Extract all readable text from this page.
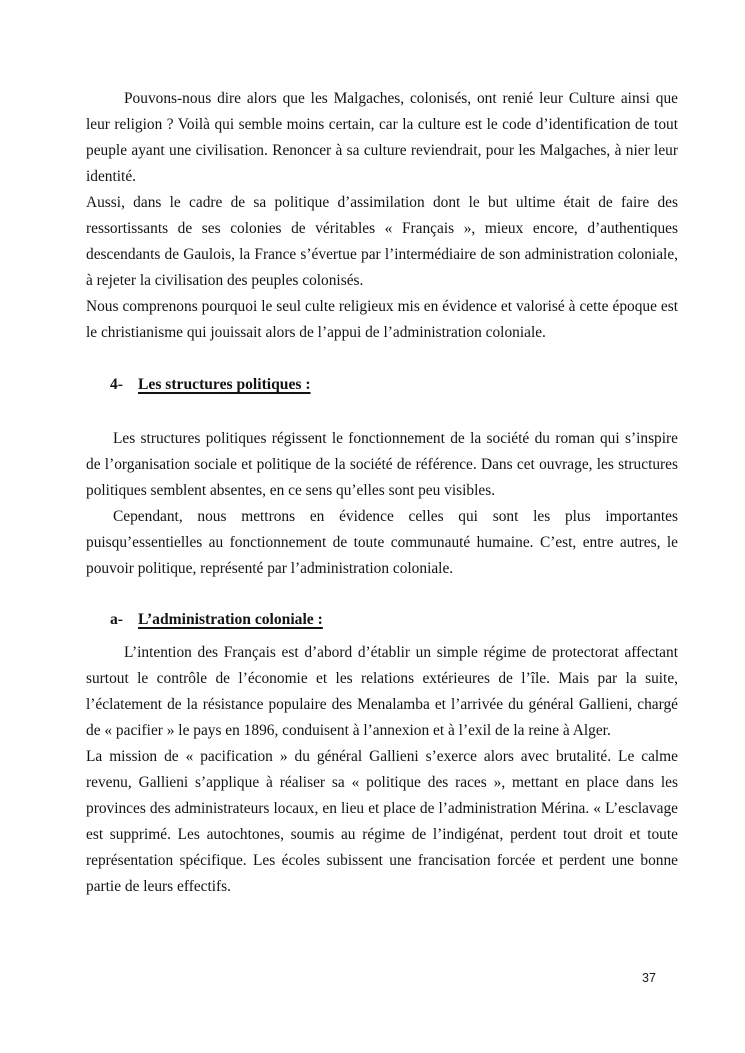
Pouvons-nous dire alors que les Malgaches, colonisés, ont renié leur Culture ainsi que leur religion ? Voilà qui semble moins certain, car la culture est le code d’identification de tout peuple ayant une civilisation. Renoncer à sa culture reviendrait, pour les Malgaches, à nier leur identité.

Aussi, dans le cadre de sa politique d’assimilation dont le but ultime était de faire des ressortissants de ses colonies de véritables « Français », mieux encore, d’authentiques descendants de Gaulois, la France s’évertue par l’intermédiaire de son administration coloniale, à rejeter la civilisation des peuples colonisés.

Nous comprenons pourquoi le seul culte religieux mis en évidence et valorisé à cette époque est le christianisme qui jouissait alors de l’appui de l’administration coloniale.

4- Les structures politiques :

Les structures politiques régissent le fonctionnement de la société du roman qui s’inspire de l’organisation sociale et politique de la société de référence. Dans cet ouvrage, les structures politiques semblent absentes, en ce sens qu’elles sont peu visibles.

Cependant, nous mettrons en évidence celles qui sont les plus importantes puisqu’essentielles au fonctionnement de toute communauté humaine. C’est, entre autres, le pouvoir politique, représenté par l’administration coloniale.

a- L’administration coloniale :

L’intention des Français est d’abord d’établir un simple régime de protectorat affectant surtout le contrôle de l’économie et les relations extérieures de l’île. Mais par la suite, l’éclatement de la résistance populaire des Menalamba et l’arrivée du général Gallieni, chargé de « pacifier » le pays en 1896, conduisent à l’annexion et à l’exil de la reine à Alger.

La mission de « pacification » du général Gallieni s’exerce alors avec brutalité. Le calme revenu, Gallieni s’applique à réaliser sa « politique des races », mettant en place dans les provinces des administrateurs locaux, en lieu et place de l’administration Mérina. « L’esclavage est supprimé. Les autochtones, soumis au régime de l’indigénat, perdent tout droit et toute représentation spécifique. Les écoles subissent une francisation forcée et perdent une bonne partie de leurs effectifs.

37
